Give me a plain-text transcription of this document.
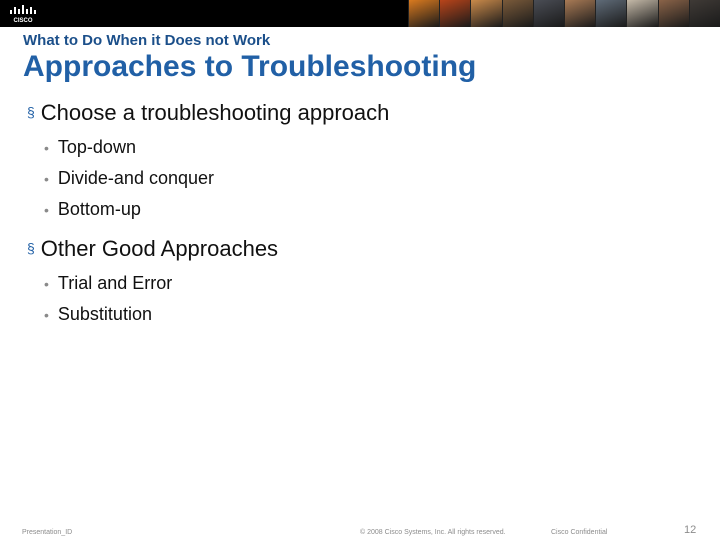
CISCO
What to Do When it Does not Work
Approaches to Troubleshooting
§ Choose a troubleshooting approach
• Top-down
• Divide-and conquer
• Bottom-up
§ Other Good Approaches
• Trial and Error
• Substitution
Presentation_ID	© 2008 Cisco Systems, Inc. All rights reserved.	Cisco Confidential	12
